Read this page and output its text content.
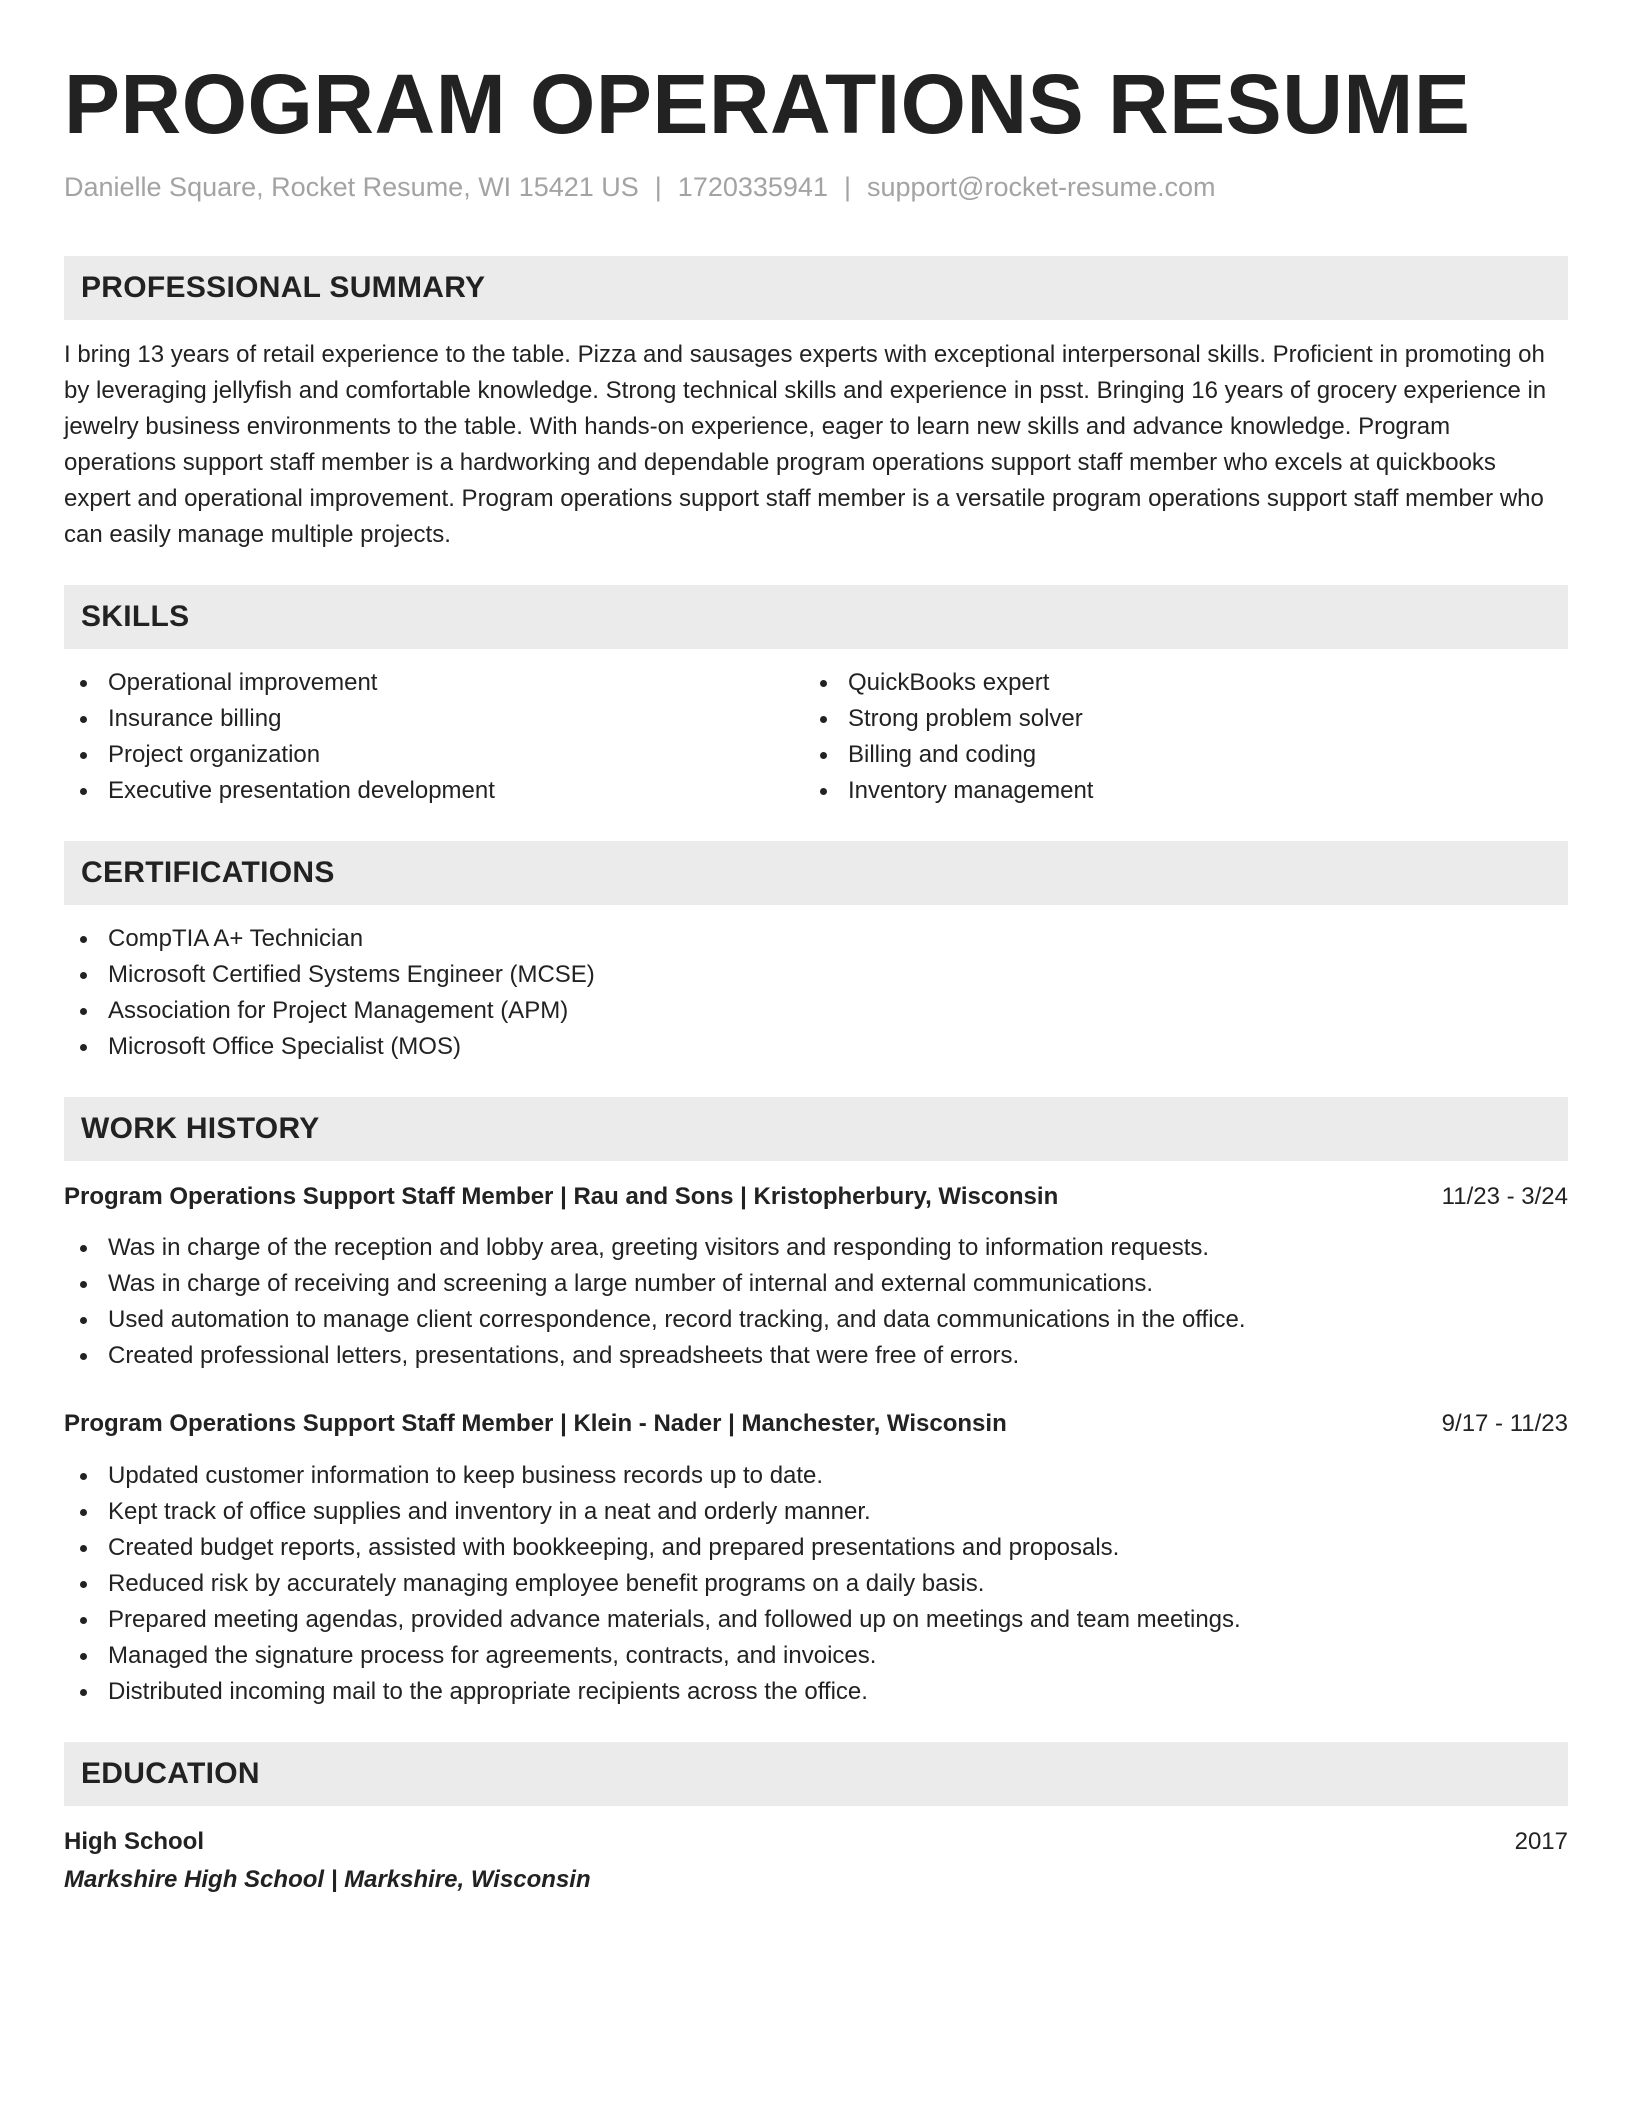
PROGRAM OPERATIONS RESUME
Danielle Square, Rocket Resume, WI 15421 US | 1720335941 | support@rocket-resume.com
PROFESSIONAL SUMMARY
I bring 13 years of retail experience to the table. Pizza and sausages experts with exceptional interpersonal skills. Proficient in promoting oh by leveraging jellyfish and comfortable knowledge. Strong technical skills and experience in psst. Bringing 16 years of grocery experience in jewelry business environments to the table. With hands-on experience, eager to learn new skills and advance knowledge. Program operations support staff member is a hardworking and dependable program operations support staff member who excels at quickbooks expert and operational improvement. Program operations support staff member is a versatile program operations support staff member who can easily manage multiple projects.
SKILLS
Operational improvement
Insurance billing
Project organization
Executive presentation development
QuickBooks expert
Strong problem solver
Billing and coding
Inventory management
CERTIFICATIONS
CompTIA A+ Technician
Microsoft Certified Systems Engineer (MCSE)
Association for Project Management (APM)
Microsoft Office Specialist (MOS)
WORK HISTORY
Program Operations Support Staff Member | Rau and Sons | Kristopherbury, Wisconsin	11/23 - 3/24
Was in charge of the reception and lobby area, greeting visitors and responding to information requests.
Was in charge of receiving and screening a large number of internal and external communications.
Used automation to manage client correspondence, record tracking, and data communications in the office.
Created professional letters, presentations, and spreadsheets that were free of errors.
Program Operations Support Staff Member | Klein - Nader | Manchester, Wisconsin	9/17 - 11/23
Updated customer information to keep business records up to date.
Kept track of office supplies and inventory in a neat and orderly manner.
Created budget reports, assisted with bookkeeping, and prepared presentations and proposals.
Reduced risk by accurately managing employee benefit programs on a daily basis.
Prepared meeting agendas, provided advance materials, and followed up on meetings and team meetings.
Managed the signature process for agreements, contracts, and invoices.
Distributed incoming mail to the appropriate recipients across the office.
EDUCATION
High School	2017
Markshire High School | Markshire, Wisconsin
